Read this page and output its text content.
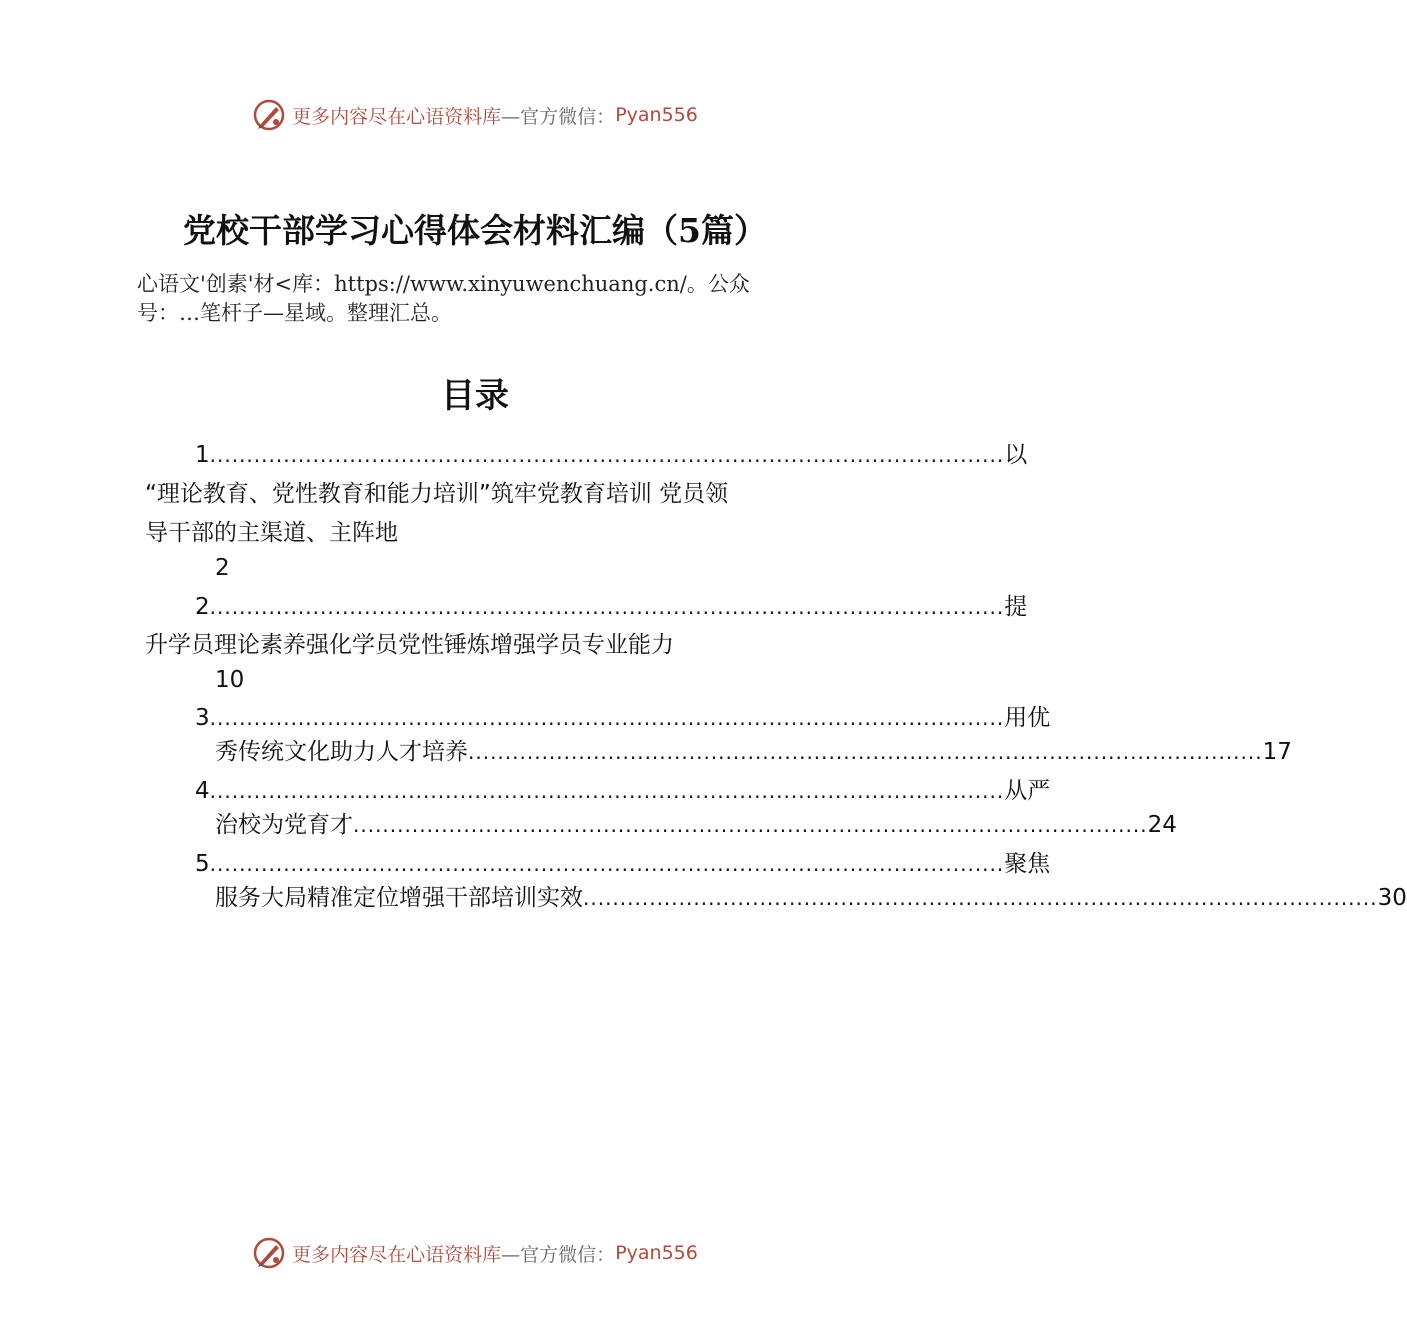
更多内容尽在心语资料库 —官方微信： Pyan556
党校干部学习心得体会材料汇编（5篇）
心语文'创素'材<库：https://www.xinyuwenchuang.cn/。公众
号：…笔杆子—星域。整理汇总。
目录
1 ............................................................................................................ 以
“理论教育、党性教育和能力培训”筑牢党教育培训 党员领
导干部的主渠道、主阵地
2
2 ............................................................................................................ 提
升学员理论素养强化学员党性锤炼增强学员专业能力
10
3 ............................................................................................................ 用优
秀传统文化助力人才培养 ............................................................................................................ 17
4 ............................................................................................................ 从严
治校为党育才 ............................................................................................................ 24
5 ............................................................................................................ 聚焦
服务大局精准定位增强干部培训实效 ............................................................................................................ 30
更多内容尽在心语资料库 —官方微信： Pyan556
